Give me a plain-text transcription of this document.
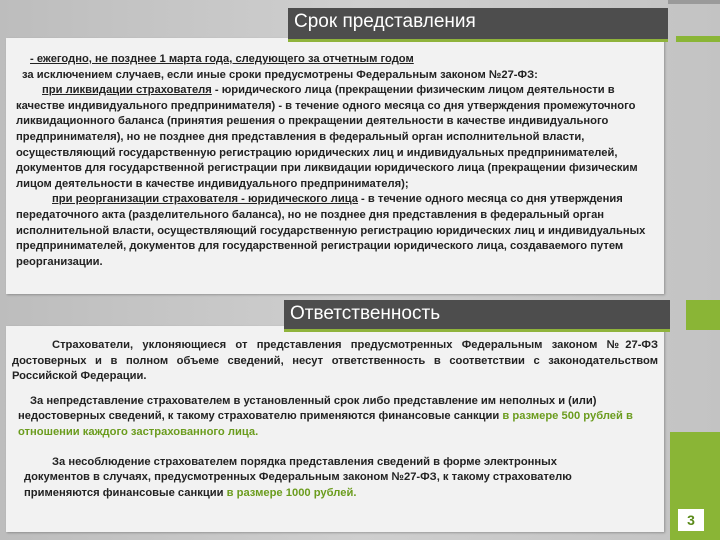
Срок представления

- ежегодно, не позднее 1 марта года, следующего за отчетным годом

за исключением случаев, если иные сроки предусмотрены Федеральным законом №27-ФЗ:

при ликвидации страхователя - юридического лица (прекращении физическим лицом деятельности в качестве индивидуального предпринимателя) - в течение одного месяца со дня утверждения промежуточного ликвидационного баланса (принятия решения о прекращении деятельности в качестве индивидуального предпринимателя), но не позднее дня представления в федеральный орган исполнительной власти, осуществляющий государственную регистрацию юридических лиц и индивидуальных предпринимателей, документов для государственной регистрации при ликвидации юридического лица (прекращении физическим лицом деятельности в качестве индивидуального предпринимателя);

при реорганизации страхователя - юридического лица - в течение одного месяца со дня утверждения передаточного акта (разделительного баланса), но не позднее дня представления в федеральный орган исполнительной власти, осуществляющий государственную регистрацию юридических лиц и индивидуальных предпринимателей, документов для государственной регистрации юридического лица, создаваемого путем реорганизации.

Ответственность

Страхователи, уклоняющиеся от представления предусмотренных Федеральным законом №27-ФЗ достоверных и в полном объеме сведений, несут ответственность в соответствии с законодательством Российской Федерации.

За непредставление страхователем в установленный срок либо представление им неполных и (или) недостоверных сведений, к такому страхователю применяются финансовые санкции в размере 500 рублей в отношении каждого застрахованного лица.

За несоблюдение страхователем порядка представления сведений в форме электронных документов в случаях, предусмотренных Федеральным законом №27-ФЗ, к такому страхователю применяются финансовые санкции в размере 1000 рублей.

3
